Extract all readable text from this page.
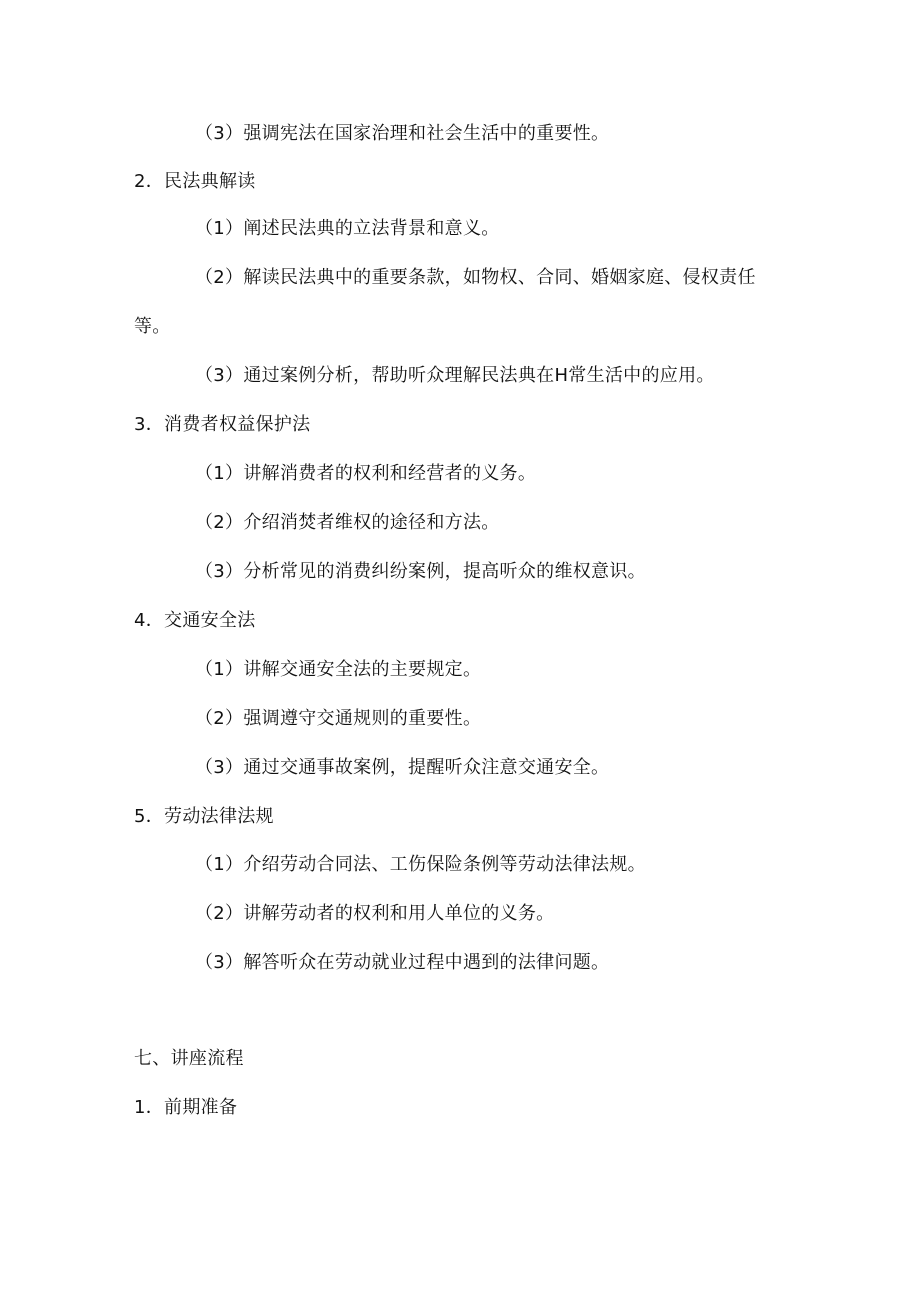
（3）强调宪法在国家治理和社会生活中的重要性。
2．民法典解读
（1）阐述民法典的立法背景和意义。
（2）解读民法典中的重要条款，如物权、合同、婚姻家庭、侵权责任
等。
（3）通过案例分析，帮助听众理解民法典在H常生活中的应用。
3．消费者权益保护法
（1）讲解消费者的权利和经营者的义务。
（2）介绍消焚者维权的途径和方法。
（3）分析常见的消费纠纷案例，提高听众的维权意识。
4．交通安全法
（1）讲解交通安全法的主要规定。
（2）强调遵守交通规则的重要性。
（3）通过交通事故案例，提醒听众注意交通安全。
5．劳动法律法规
（1）介绍劳动合同法、工伤保险条例等劳动法律法规。
（2）讲解劳动者的权利和用人单位的义务。
（3）解答听众在劳动就业过程中遇到的法律问题。
七、讲座流程
1．前期准备
